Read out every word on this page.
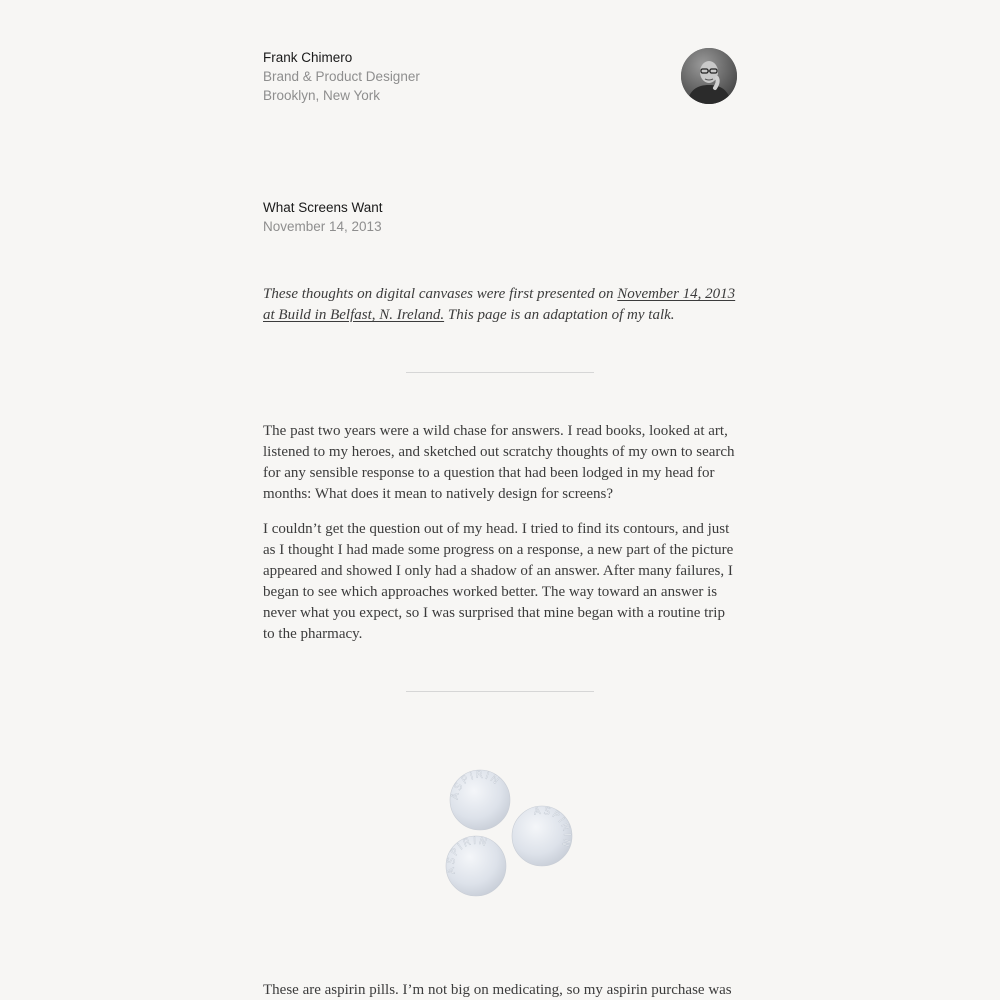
Frank Chimero
Brand & Product Designer
Brooklyn, New York
What Screens Want
November 14, 2013
These thoughts on digital canvases were first presented on November 14, 2013 at Build in Belfast, N. Ireland. This page is an adaptation of my talk.

The past two years were a wild chase for answers. I read books, looked at art, listened to my heroes, and sketched out scratchy thoughts of my own to search for any sensible response to a question that had been lodged in my head for months: What does it mean to natively design for screens?

I couldn’t get the question out of my head. I tried to find its contours, and just as I thought I had made some progress on a response, a new part of the picture appeared and showed I only had a shadow of an answer. After many failures, I began to see which approaches worked better. The way toward an answer is never what you expect, so I was surprised that mine began with a routine trip to the pharmacy.

ASPIRIN
ASPIRIN
ASPIRIN

These are aspirin pills. I’m not big on medicating, so my aspirin purchase was
